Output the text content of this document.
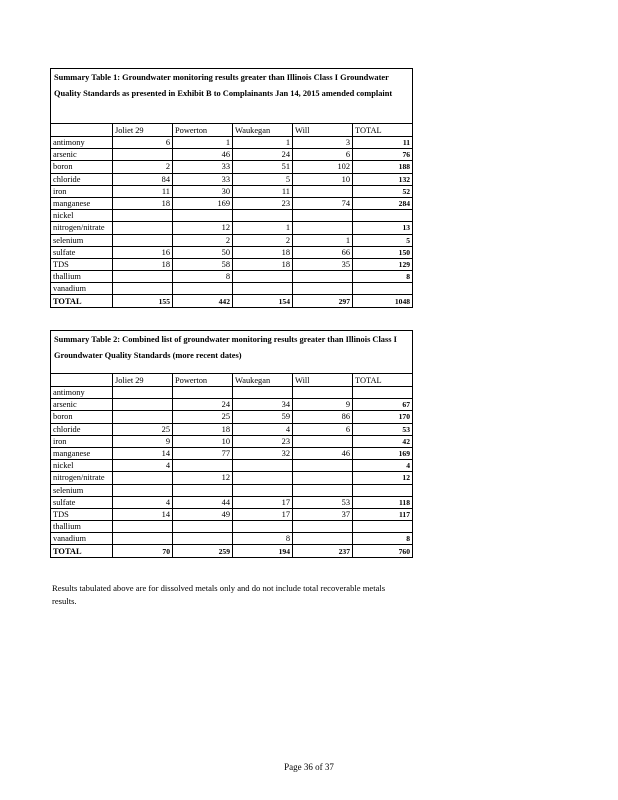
Summary Table 1: Groundwater monitoring results greater than Illinois Class I Groundwater Quality Standards as presented in Exhibit B to Complainants Jan 14, 2015 amended complaint					
	Joliet 29	Powerton	Waukegan	Will	TOTAL
antimony	6	1	1	3	11
arsenic		46	24	6	76
boron	2	33	51	102	188
chloride	84	33	5	10	132
iron	11	30	11		52
manganese	18	169	23	74	284
nickel					
nitrogen/nitrate		12	1		13
selenium		2	2	1	5
sulfate	16	50	18	66	150
TDS	18	58	18	35	129
thallium		8			8
vanadium					
TOTAL	155	442	154	297	1048
Summary Table 2: Combined list of groundwater monitoring results greater than Illinois Class I Groundwater Quality Standards (more recent dates)					
	Joliet 29	Powerton	Waukegan	Will	TOTAL
antimony					
arsenic		24	34	9	67
boron		25	59	86	170
chloride	25	18	4	6	53
iron	9	10	23		42
manganese	14	77	32	46	169
nickel	4				4
nitrogen/nitrate		12			12
selenium					
sulfate	4	44	17	53	118
TDS	14	49	17	37	117
thallium					
vanadium			8		8
TOTAL	70	259	194	237	760
Results tabulated above are for dissolved metals only and do not include total recoverable metals results.
Page 36 of 37
